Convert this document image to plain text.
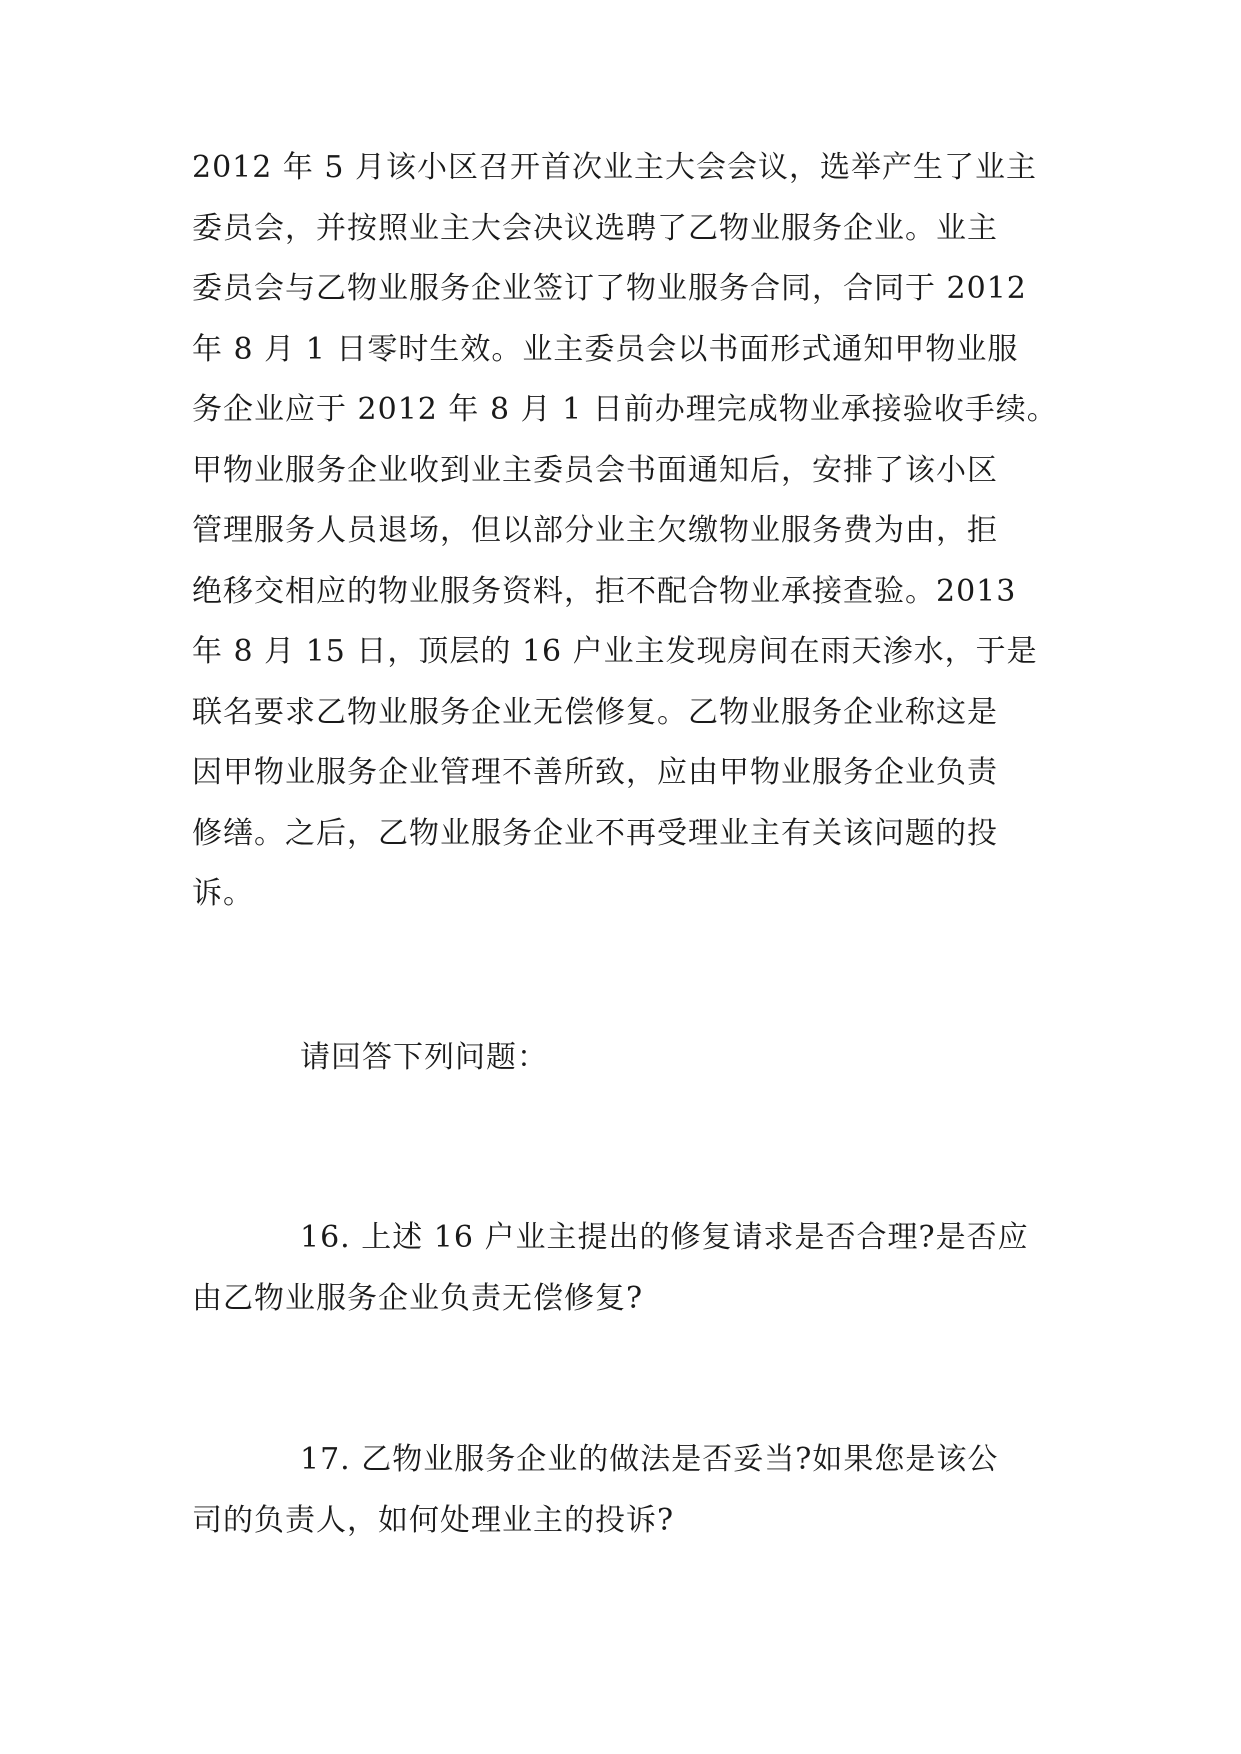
2012 年 5 月该小区召开首次业主大会会议，选举产生了业主
委员会，并按照业主大会决议选聘了乙物业服务企业。业主
委员会与乙物业服务企业签订了物业服务合同，合同于 2012
年 8 月 1 日零时生效。业主委员会以书面形式通知甲物业服
务企业应于 2012 年 8 月 1 日前办理完成物业承接验收手续。
甲物业服务企业收到业主委员会书面通知后，安排了该小区
管理服务人员退场，但以部分业主欠缴物业服务费为由，拒
绝移交相应的物业服务资料，拒不配合物业承接查验。2013
年 8 月 15 日，顶层的 16 户业主发现房间在雨天渗水，于是
联名要求乙物业服务企业无偿修复。乙物业服务企业称这是
因甲物业服务企业管理不善所致，应由甲物业服务企业负责
修缮。之后，乙物业服务企业不再受理业主有关该问题的投
诉。
请回答下列问题：
16. 上述 16 户业主提出的修复请求是否合理?是否应
由乙物业服务企业负责无偿修复?
17. 乙物业服务企业的做法是否妥当?如果您是该公
司的负责人，如何处理业主的投诉?
